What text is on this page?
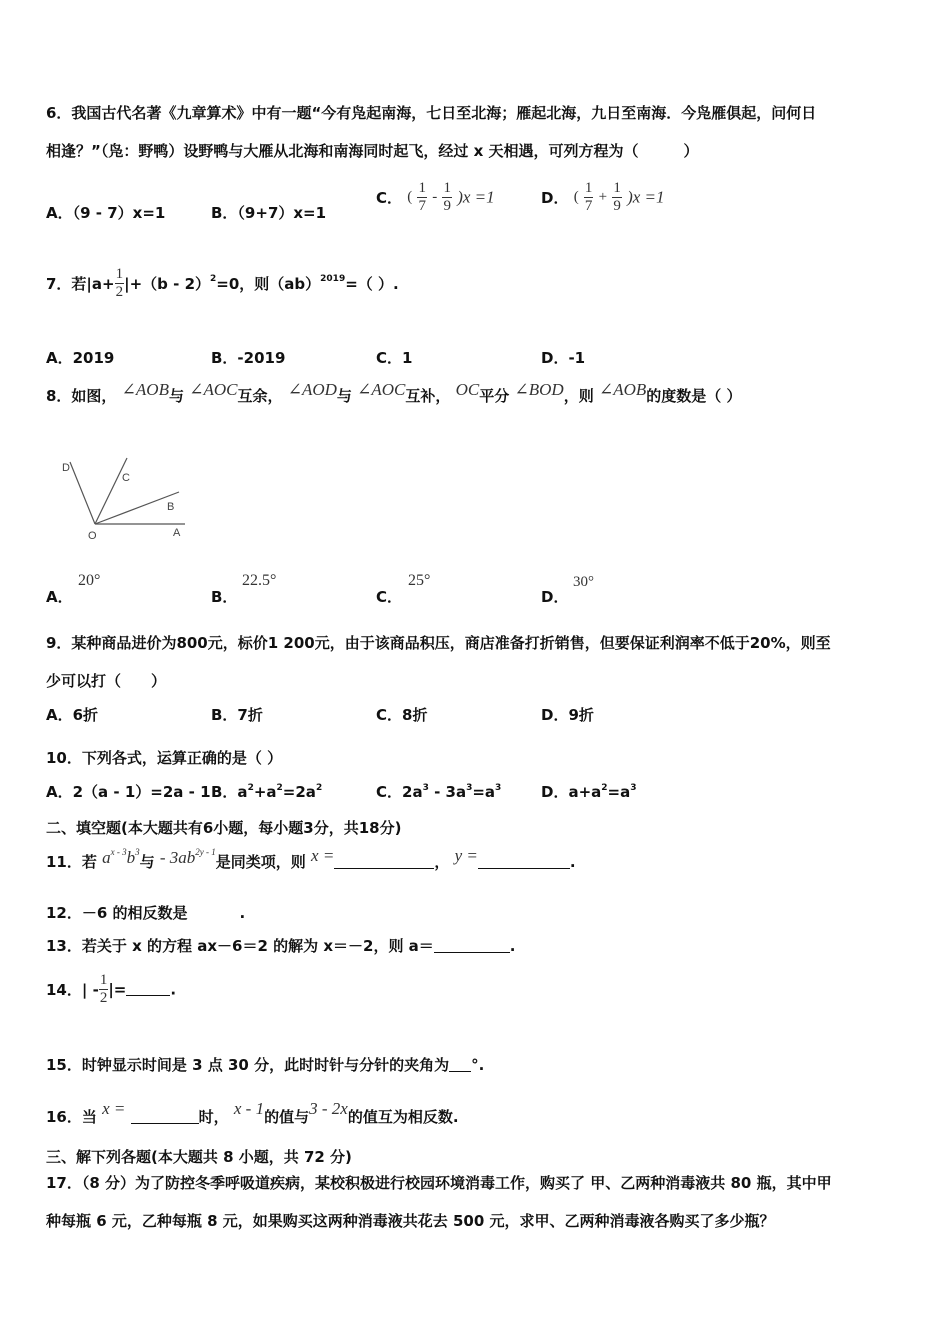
6．我国古代名著《九章算术》中有一题“今有凫起南海，七日至北海；雁起北海，九日至南海．今凫雁俱起，问何日
相逢？”（凫：野鸭）设野鸭与大雁从北海和南海同时起飞，经过 x 天相遇，可列方程为（　　　）
A．（9 - 7）x=1	B．（9+7）x=1
C． ( $\frac{1}{7} - \frac{1}{9} )x =1$	D． ( $\frac{1}{7} + \frac{1}{9} )x =1$
7．若$|a+ \frac{1}{2} |+(b - 2)^2=0$，则（ab）$^{2019}$=（ ）.
A．2019	B．-2019	C．1	D．-1
8．如图， ∠AOB与 ∠AOC互余， ∠AOD与 ∠AOC互补， OC平分 ∠BOD，则 ∠AOB的度数是（ ）
D
C
B
A
O
A．
20°
B．
22.5°
C．
25°
D．
30°
9．某种商品进价为800元，标价1 200元，由于该商品积压，商店准备打折销售，但要保证利润率不低于20%，则至
少可以打（　　）
A．6折	B．7折	C．8折	D．9折
10．下列各式，运算正确的是（ ）
A．2（a - 1）=2a - 1 B．$a^2+a^2=2a^2$	C．$2a^3 - 3a^3=a^3$	D．$a+a^2=a^3$
二、填空题(本大题共有6小题，每小题3分，共18分)
11．若 $a^{x - 3}b^3$与 - $3ab^{2y - 1}$是同类项，则 x =	， y =	.
12．－6 的相反数是	.
13．若关于 x 的方程 ax－6＝2 的解为 x＝－2，则 a＝	.
14．| - $\frac{1}{2}$ |=	.
15．时钟显示时间是 3 点 30 分，此时时针与分针的夹角为 °.
16．当 x =	时， x - 1的值与3 - 2x的值互为相反数.
三、解下列各题(本大题共 8 小题，共 72 分)
17．（8 分）为了防控冬季呼吸道疾病，某校积极进行校园环境消毒工作，购买了 甲、乙两种消毒液共 80 瓶，其中甲
种每瓶 6 元，乙种每瓶 8 元，如果购买这两种消毒液共花去 500 元，求甲、乙两种消毒液各购买了多少瓶？
